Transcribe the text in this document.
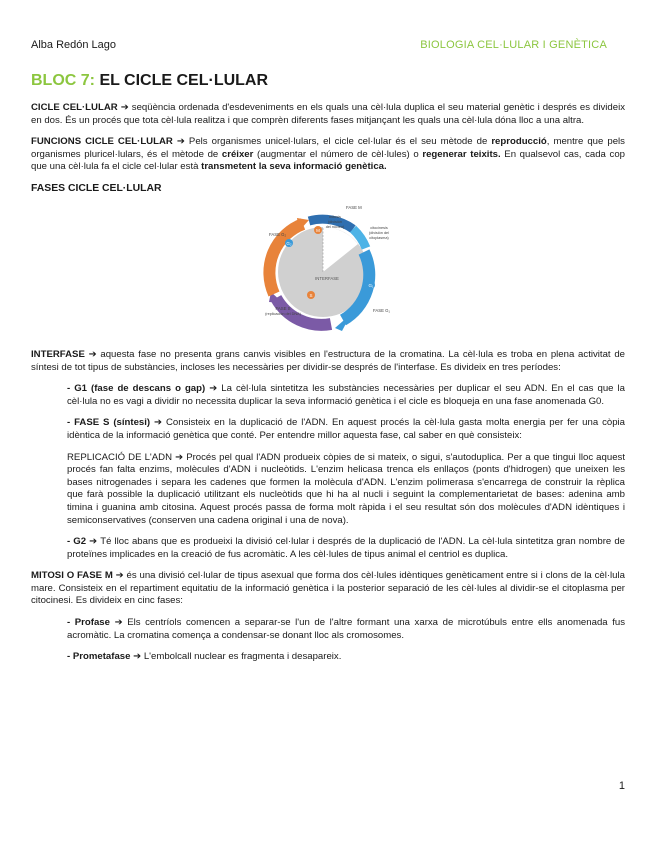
Alba Redón Lago	BIOLOGIA CEL·LULAR I GENÈTICA
BLOC 7: EL CICLE CEL·LULAR

CICLE CEL·LULAR ➔ seqüència ordenada d'esdeveniments en els quals una cèl·lula duplica el seu material genètic i després es divideix en dos. És un procés que tota cèl·lula realitza i que comprèn diferents fases mitjançant les quals una cèl·lula dóna lloc a una altra.

FUNCIONS CICLE CEL·LULAR ➔ Pels organismes unicel·lulars, el cicle cel·lular és el seu mètode de reproducció, mentre que pels organismes pluricel·lulars, és el mètode de créixer (augmentar el número de cèl·lules) o regenerar teixits. En qualsevol cas, cada cop que una cèl·lula fa el cicle cel·lular està transmetent la seva informació genètica.

FASES CICLE CEL·LULAR
M
G₂
G₁
S
FASE M
mitosis
(división
del núcleo)	citocinesis
(división del
citoplasma)
FASE G₂
INTERFASE
FASE G₁
FASE S
(replicación del DNA)

INTERFASE ➔ aquesta fase no presenta grans canvis visibles en l'estructura de la cromatina. La cèl·lula es troba en plena activitat de síntesi de tot tipus de substàncies, incloses les necessàries per dividir-se després de l'interfase. Es divideix en tres períodes:

- G1 (fase de descans o gap) ➔ La cèl·lula sintetitza les substàncies necessàries per duplicar el seu ADN. En el cas que la cèl·lula no es vagi a dividir no necessita duplicar la seva informació genètica i el cicle es bloqueja en una fase anomenada G0.

- FASE S (síntesi) ➔ Consisteix en la duplicació de l'ADN. En aquest procés la cèl·lula gasta molta energia per fer una còpia idèntica de la informació genètica que conté. Per entendre millor aquesta fase, cal saber en què consisteix:

REPLICACIÓ DE L'ADN ➔ Procés pel qual l'ADN produeix còpies de si mateix, o sigui, s'autoduplica. Per a que tingui lloc aquest procés fan falta enzims, molècules d'ADN i nucleòtids. L'enzim helicasa trenca els enllaços (ponts d'hidrogen) que uneixen les bases nitrogenades i separa les cadenes que formen la molècula d'ADN. L'enzim polimerasa s'encarrega de construir la rèplica que farà possible la duplicació utilitzant els nucleòtids que hi ha al nucli i seguint la complementarietat de bases: adenina amb timina i guanina amb citosina. Aquest procés passa de forma molt ràpida i el seu resultat són dos molècules d'ADN idèntiques i semiconservatives (conserven una cadena original i una de nova).

- G2 ➔ Té lloc abans que es produeixi la divisió cel·lular i després de la duplicació de l'ADN. La cèl·lula sintetitza gran nombre de proteïnes implicades en la creació de fus acromàtic. A les cèl·lules de tipus animal el centriol es duplica.

MITOSI O FASE M ➔ és una divisió cel·lular de tipus asexual que forma dos cèl·lules idèntiques genèticament entre si i clons de la cèl·lula mare. Consisteix en el repartiment equitatiu de la informació genètica i la posterior separació de les cèl·lules al dividir-se el citoplasma per citocinesi. Es divideix en cinc fases:

- Profase ➔ Els centríols comencen a separar-se l'un de l'altre formant una xarxa de microtúbuls entre ells anomenada fus acromàtic. La cromatina comença a condensar-se donant lloc als cromosomes.

- Prometafase ➔ L'embolcall nuclear es fragmenta i desapareix.

1
